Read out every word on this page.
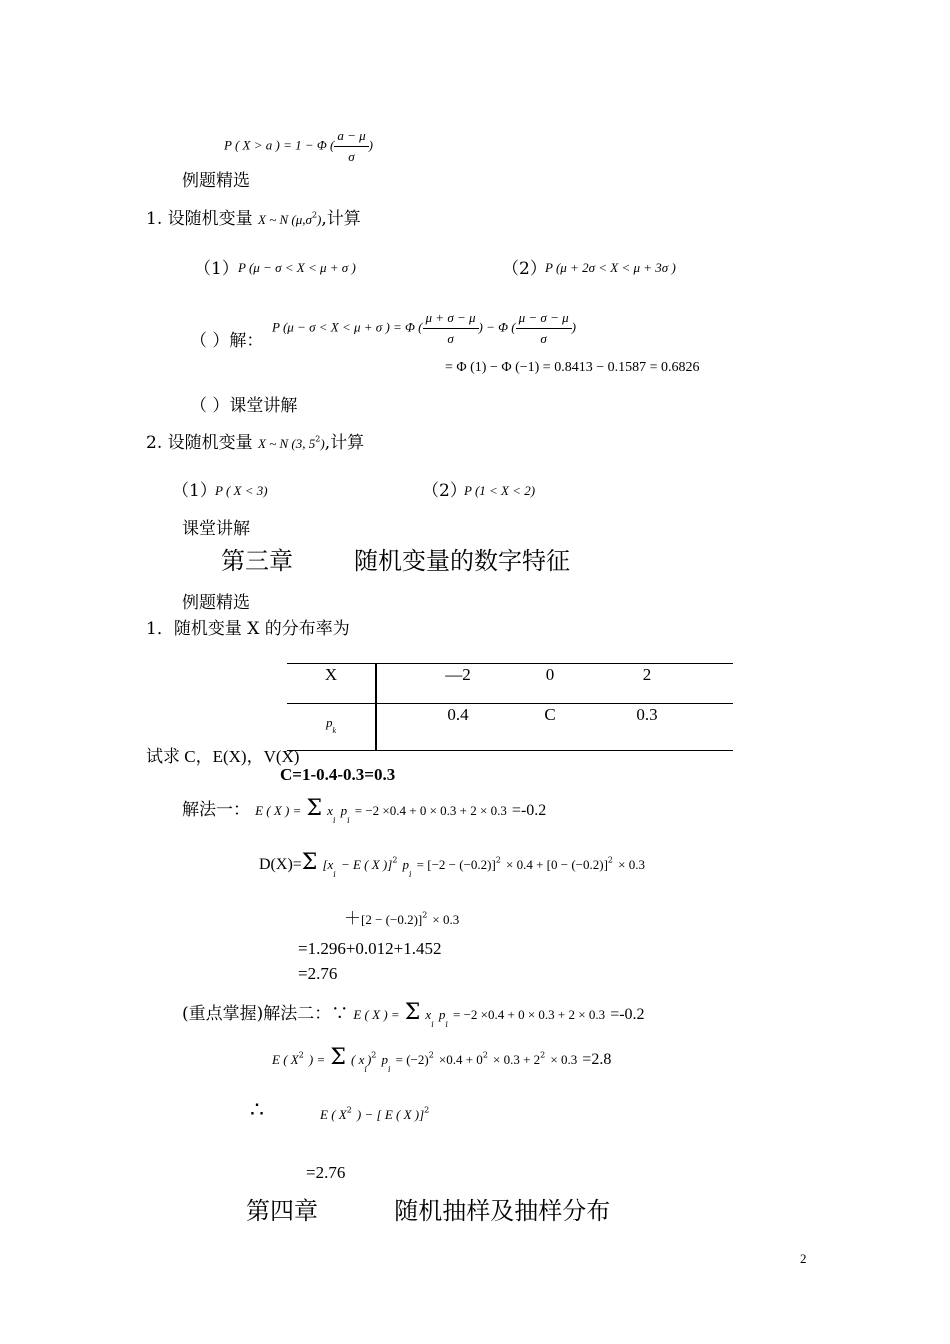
P ( X > a ) = 1 − Φ ( $\frac{a - \mu}{\sigma}$ )
例题精选
1. 设随机变量 X ~ N $(\mu,\sigma^2)$,计算
（1） P (μ − σ < X < μ + σ )	（2）
P (μ + 2σ < X < μ + 3σ )
（ ）解：
P (μ − σ < X < μ + σ ) = Φ ( $\frac{\mu + \sigma - \mu}{\sigma}$ ) − Φ ( $\frac{\mu - \sigma - \mu}{\sigma}$ )
= Φ (1) − Φ (−1) = 0.8413 − 0.1587 = 0.6826
（ ）课堂讲解
2. 设随机变量 X ~ N (3, $5^2$),计算
（1）
P ( X < 3)	（2）
P (1 < X < 2)
课堂讲解
第三章        随机变量的数字特征
例题精选
1．随机变量 X 的分布率为
X	—2	0	2
$p_k$	0.4	C	0.3
试求 C，E(X)，V(X)
C=1-0.4-0.3=0.3
解法一： E ( X ) = Σ $x_i$ $p_i = -2 \times 0.4 + 0 \times 0.3 + 2 \times 0.3 =-0.2$
D(X)=Σ [$x_i - E$ ( X )]$^2$ $p_i = [-2 - (-0.2)]^2 \times 0.4 + [0 - (-0.2)]^2 \times 0.3$
$+[2 - (-0.2)]^2 \times 0.3$
=1.296+0.012+1.452
=2.76
(重点掌握)解法二：∵ E ( X ) = Σ $x_i$ $p_i = -2 \times 0.4 + 0 \times 0.3 + 2 \times 0.3 =-0.2$
E ( $X^2$ ) = Σ ( $x_i)^2$ $p_i = (-2)^2 \times 0.4 + 0^2 \times 0.3 + 2^2 \times 0.3 =2.8$
∴	E ( $X^2$ ) − [ E ( X )]$^2$
=2.76
第四章          随机抽样及抽样分布
2
